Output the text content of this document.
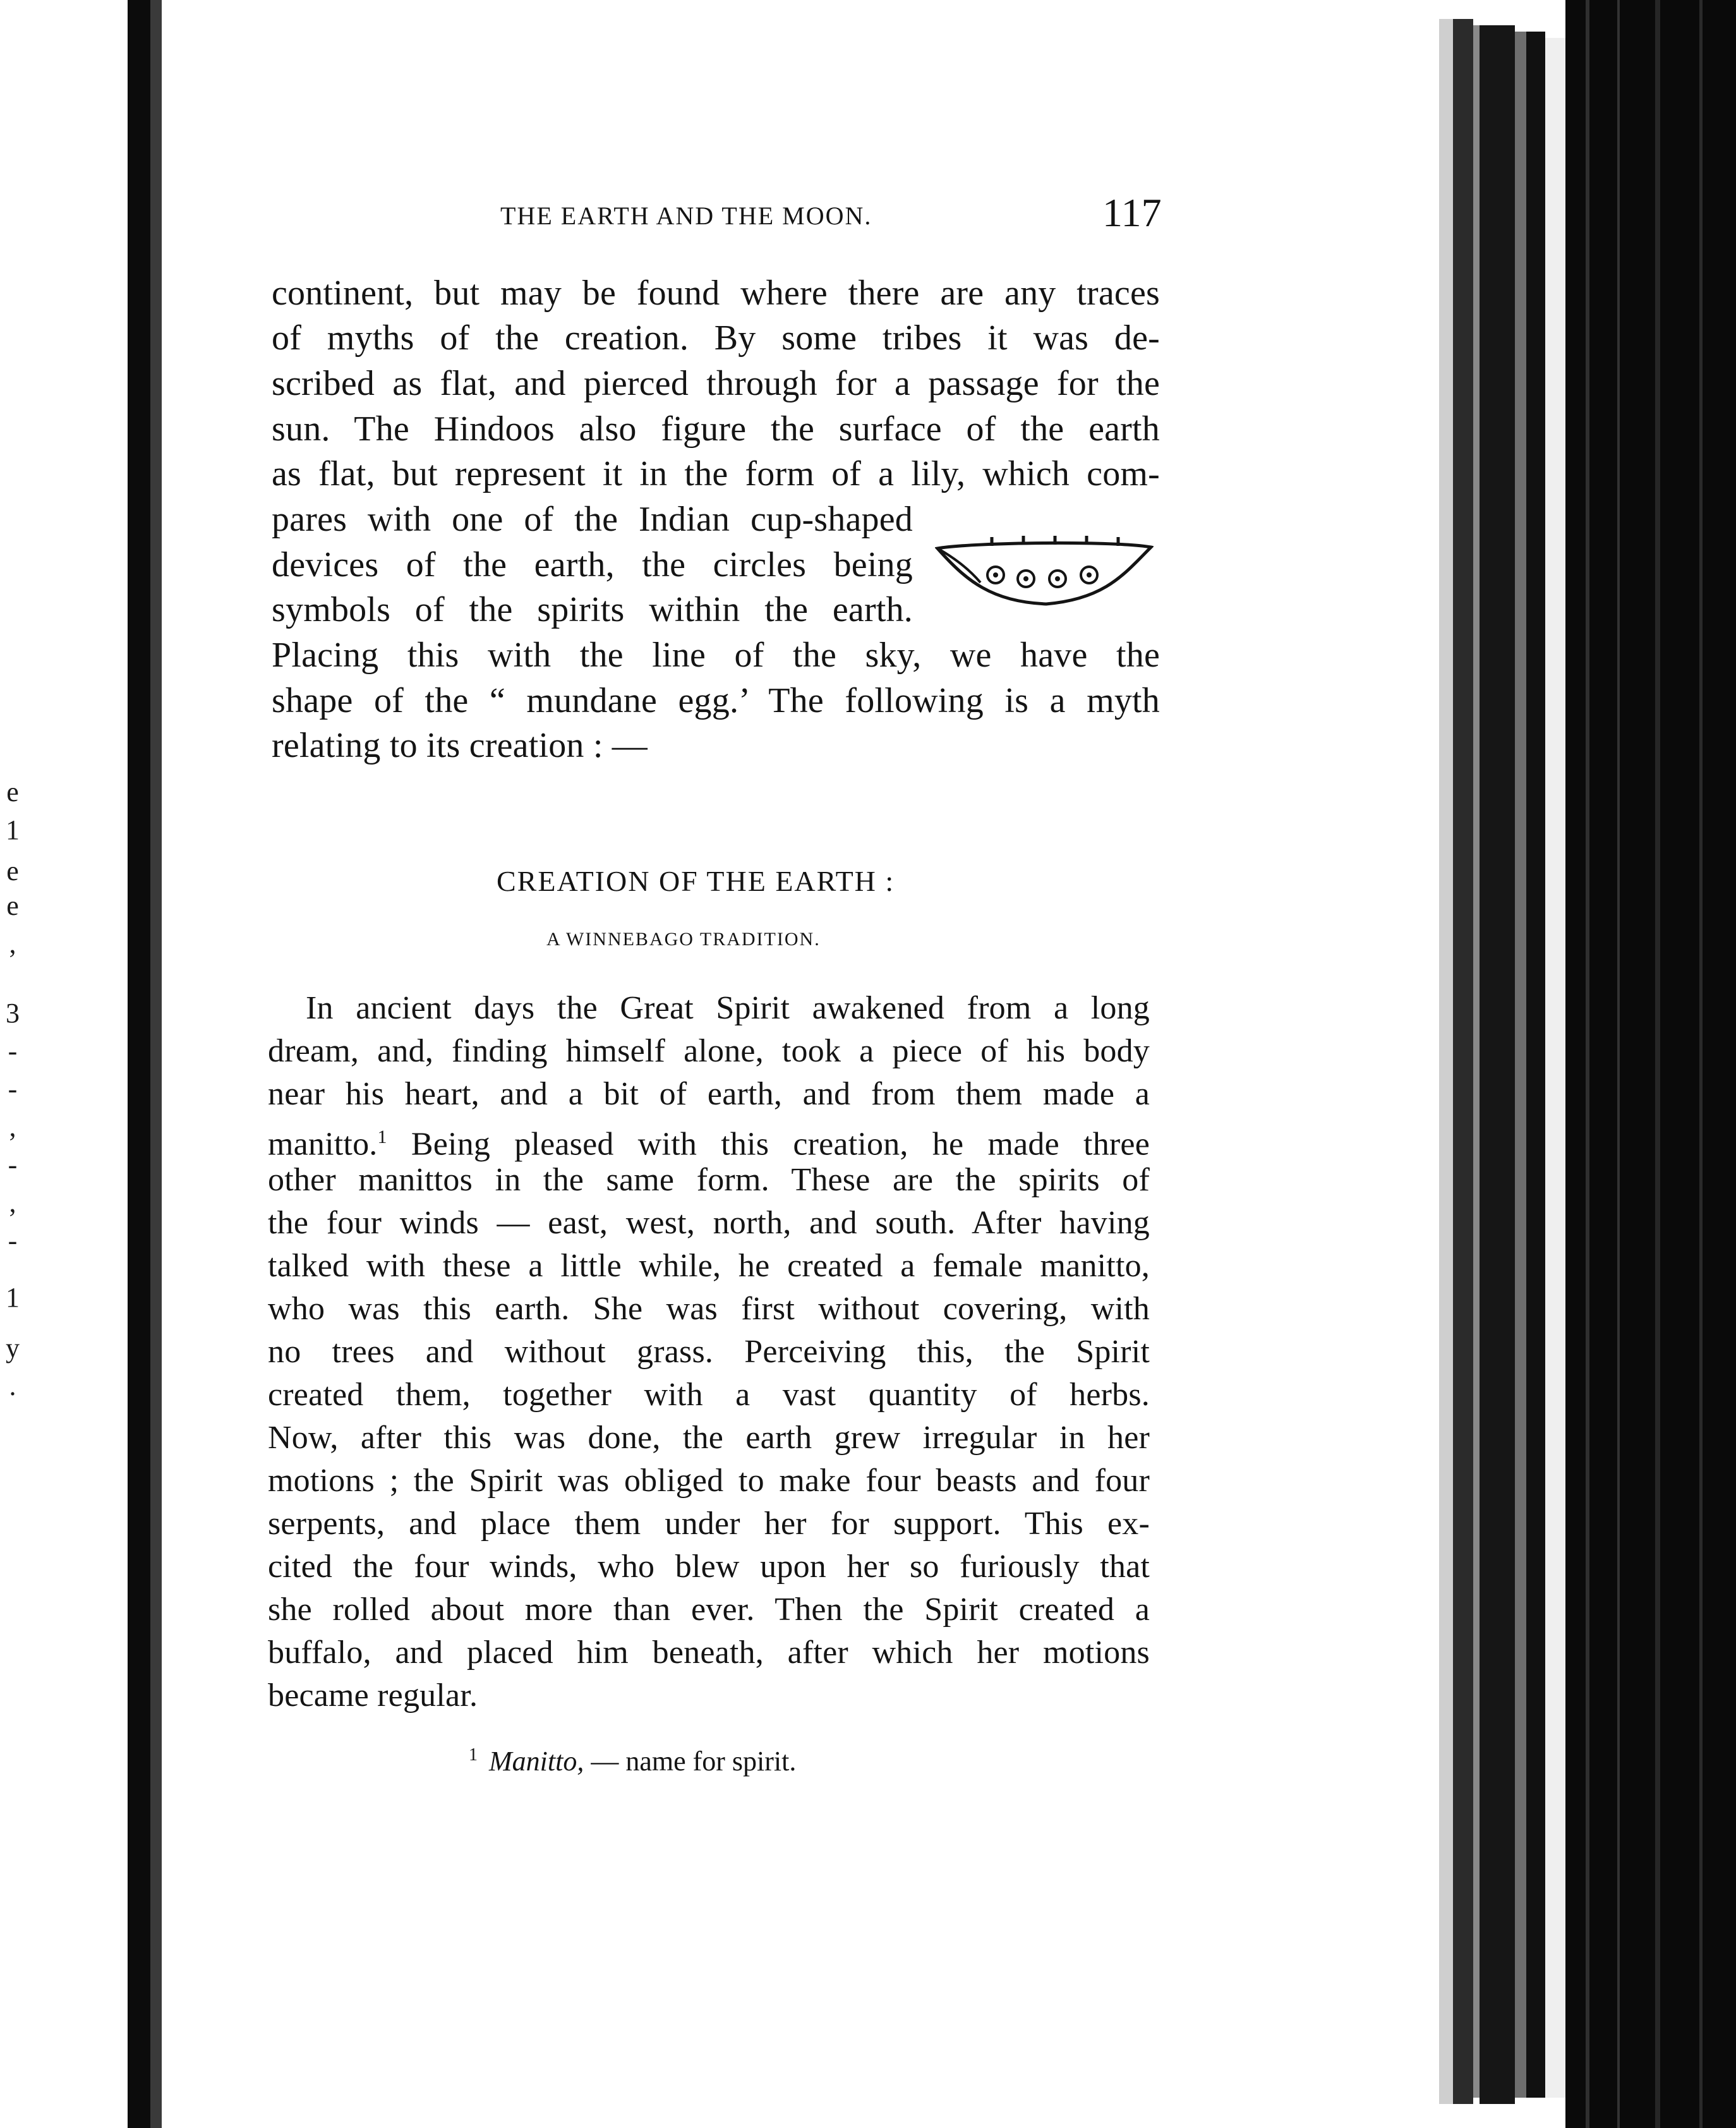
e
1
e
e
,
3
-
-
,
-
,
-
1
y
.
THE EARTH AND THE MOON.	117
continent, but may be found where there are any traces
of myths of the creation. By some tribes it was de-
scribed as flat, and pierced through for a passage for the
sun. The Hindoos also figure the surface of the earth
as flat, but represent it in the form of a lily, which com-
pares with one of the Indian cup-shaped
devices of the earth, the circles being
symbols of the spirits within the earth.
Placing this with the line of the sky, we have the
shape of the “ mundane egg.’ The following is a myth
relating to its creation : —
CREATION OF THE EARTH :
A WINNEBAGO TRADITION.
In ancient days the Great Spirit awakened from a long
dream, and, finding himself alone, took a piece of his body
near his heart, and a bit of earth, and from them made a
manitto.$^1$ Being pleased with this creation, he made three
other manittos in the same form. These are the spirits of
the four winds — east, west, north, and south. After having
talked with these a little while, he created a female manitto,
who was this earth. She was first without covering, with
no trees and without grass. Perceiving this, the Spirit
created them, together with a vast quantity of herbs.
Now, after this was done, the earth grew irregular in her
motions ; the Spirit was obliged to make four beasts and four
serpents, and place them under her for support. This ex-
cited the four winds, who blew upon her so furiously that
she rolled about more than ever. Then the Spirit created a
buffalo, and placed him beneath, after which her motions
became regular.
$^1$ Manitto, — name for spirit.
